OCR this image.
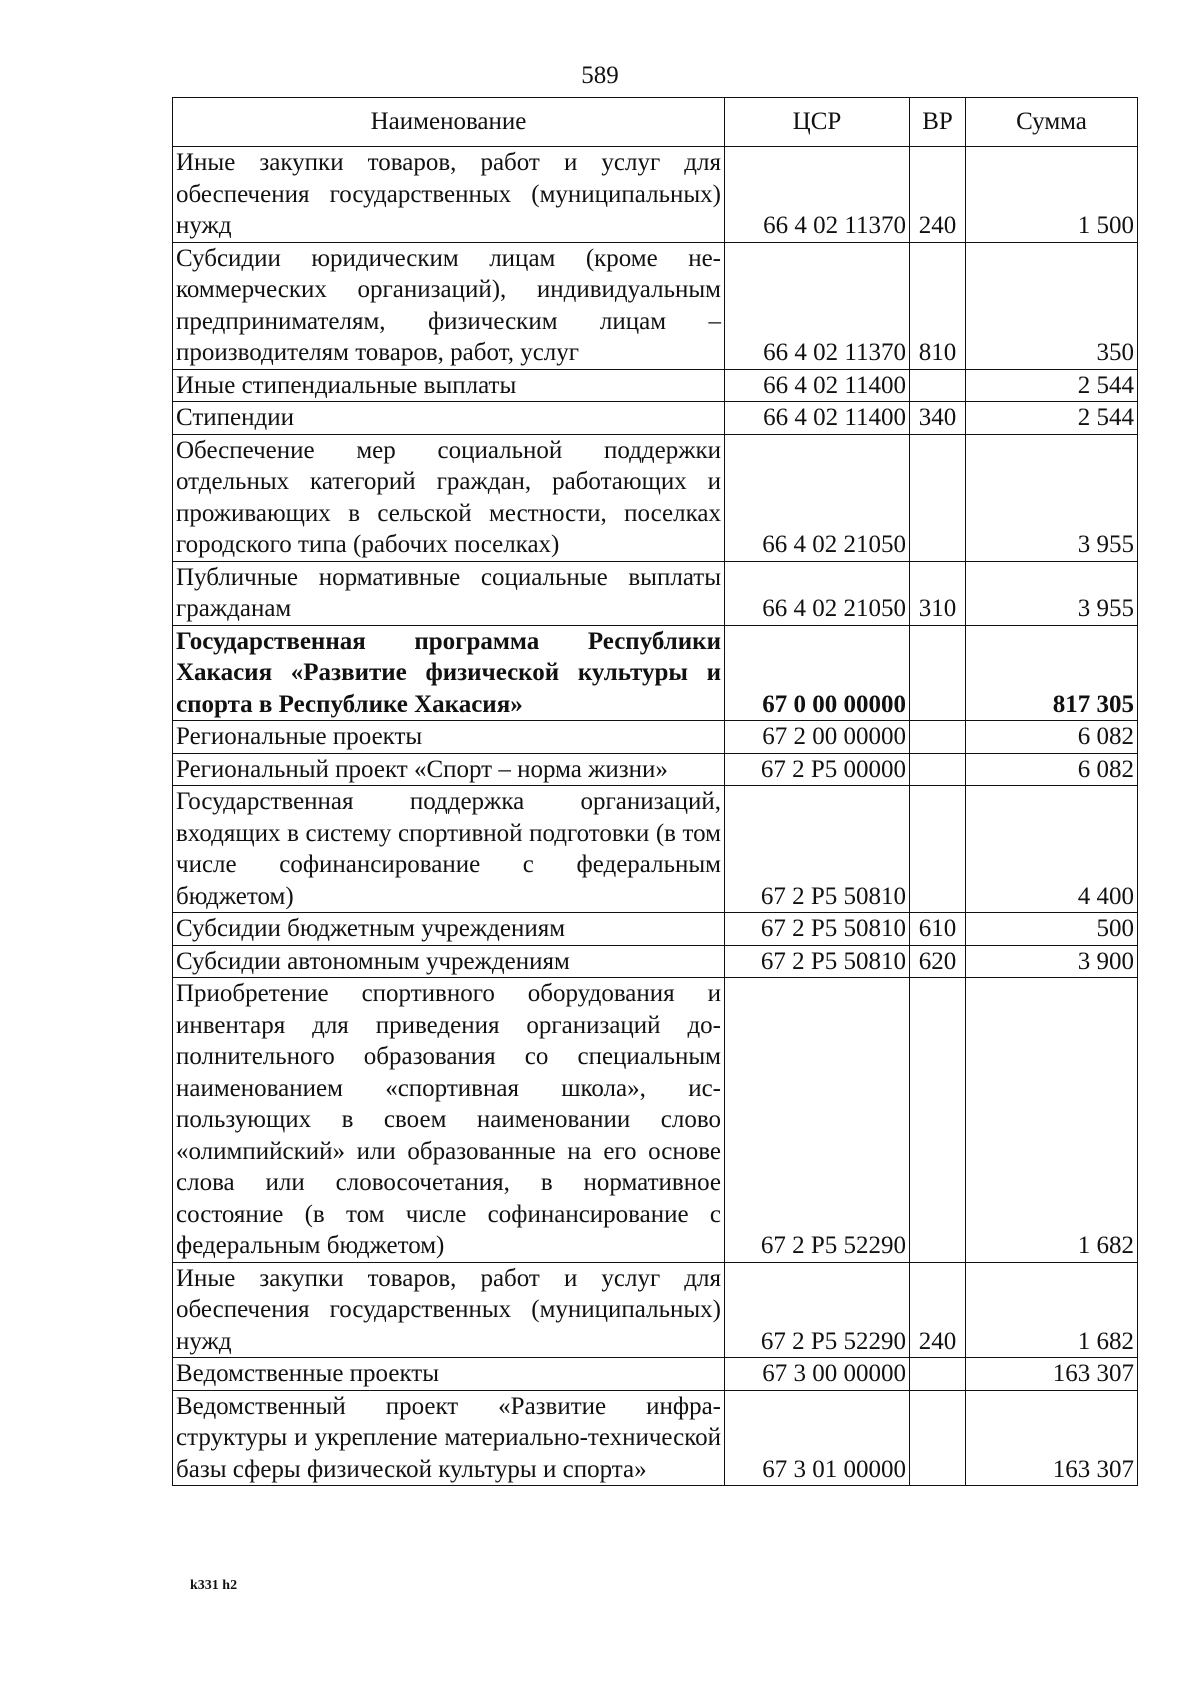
589
Наименование	ЦСР	ВР	Сумма
Иные закупки товаров, работ и услуг для обеспечения государственных (муниципальных) нужд	66 4 02 11370	240	1 500
Субсидии юридическим лицам (кроме некоммерческих организаций), индивидуальным предпринимателям, физическим лицам – производителям товаров, работ, услуг	66 4 02 11370	810	350
Иные стипендиальные выплаты	66 4 02 11400		2 544
Стипендии	66 4 02 11400	340	2 544
Обеспечение мер социальной поддержки отдельных категорий граждан, работающих и проживающих в сельской местности, поселках городского типа (рабочих поселках)	66 4 02 21050		3 955
Публичные нормативные социальные выплаты гражданам	66 4 02 21050	310	3 955
Государственная программа Республики Хакасия «Развитие физической культуры и спорта в Республике Хакасия»	67 0 00 00000		817 305
Региональные проекты	67 2 00 00000		6 082
Региональный проект «Спорт – норма жизни»	67 2 P5 00000		6 082
Государственная поддержка организаций, входящих в систему спортивной подготовки (в том числе софинансирование с федеральным бюджетом)	67 2 P5 50810		4 400
Субсидии бюджетным учреждениям	67 2 P5 50810	610	500
Субсидии автономным учреждениям	67 2 P5 50810	620	3 900
Приобретение спортивного оборудования и инвентаря для приведения организаций дополнительного образования со специальным наименованием «спортивная школа», использующих в своем наименовании слово «олимпийский» или образованные на его основе слова или словосочетания, в нормативное состояние (в том числе софинансирование с федеральным бюджетом)	67 2 P5 52290		1 682
Иные закупки товаров, работ и услуг для обеспечения государственных (муниципальных) нужд	67 2 P5 52290	240	1 682
Ведомственные проекты	67 3 00 00000		163 307
Ведомственный проект «Развитие инфраструктуры и укрепление материально-технической базы сферы физической культуры и спорта»	67 3 01 00000		163 307
k331 h2
